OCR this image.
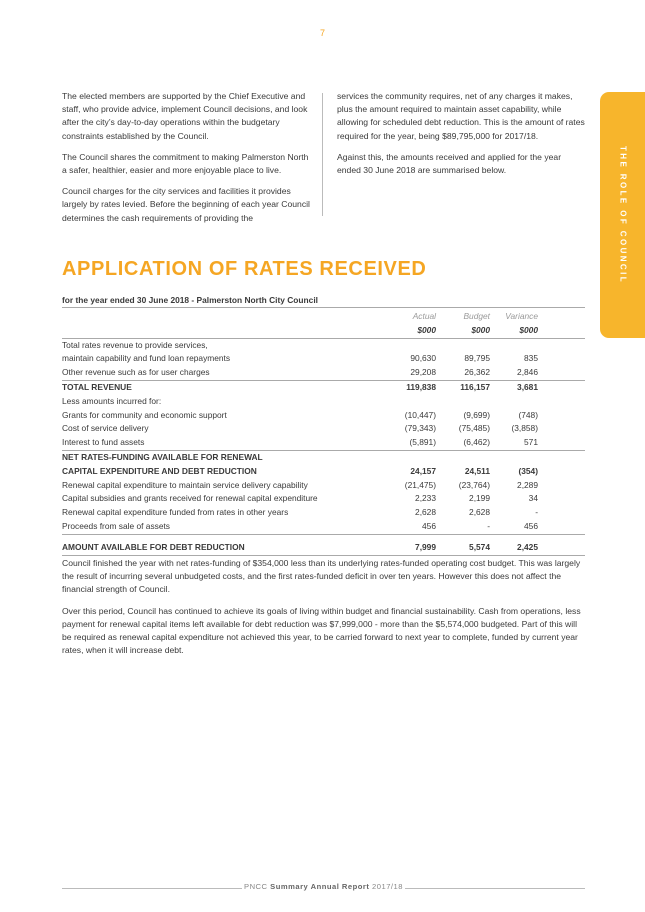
7

The elected members are supported by the Chief Executive and staff, who provide advice, implement Council decisions, and look after the city’s day-to-day operations within the budgetary constraints established by the Council.

The Council shares the commitment to making Palmerston North a safer, healthier, easier and more enjoyable place to live.

Council charges for the city services and facilities it provides largely by rates levied. Before the beginning of each year Council determines the cash requirements of providing the

services the community requires, net of any charges it makes, plus the amount required to maintain asset capability, while allowing for scheduled debt reduction. This is the amount of rates required for the year, being $89,795,000 for 2017/18.

Against this, the amounts received and applied for the year ended 30 June 2018 are summarised below.	THE ROLE OF COUNCIL
APPLICATION OF RATES RECEIVED

for the year ended 30 June 2018 - Palmerston North City Council

	Actual	Budget	Variance	
	$000	$000	$000	
Total rates revenue to provide services,				
maintain capability and fund loan repayments	90,630	89,795	835	
Other revenue such as for user charges	29,208	26,362	2,846	
TOTAL REVENUE	119,838	116,157	3,681	
Less amounts incurred for:				
Grants for community and economic support	(10,447)	(9,699)	(748)	
Cost of service delivery	(79,343)	(75,485)	(3,858)	
Interest to fund assets	(5,891)	(6,462)	571	
NET RATES-FUNDING AVAILABLE FOR RENEWAL				
CAPITAL EXPENDITURE AND DEBT REDUCTION	24,157	24,511	(354)	
Renewal capital expenditure to maintain service delivery capability	(21,475)	(23,764)	2,289	
Capital subsidies and grants received for renewal capital expenditure	2,233	2,199	34	
Renewal capital expenditure funded from rates in other years	2,628	2,628	-	
Proceeds from sale of assets	456	-	456	

AMOUNT AVAILABLE FOR DEBT REDUCTION	7,999	5,574	2,425	

Council finished the year with net rates-funding of $354,000 less than its underlying rates-funded operating cost budget. This was largely the result of incurring several unbudgeted costs, and the first rates-funded deficit in over ten years. However this does not affect the financial strength of Council.

Over this period, Council has continued to achieve its goals of living within budget and financial sustainability. Cash from operations, less payment for renewal capital items left available for debt reduction was $7,999,000 - more than the $5,574,000 budgeted. Part of this will be required as renewal capital expenditure not achieved this year, to be carried forward to next year to complete, funded by current year rates, when it will increase debt.

PNCC Summary Annual Report 2017/18
